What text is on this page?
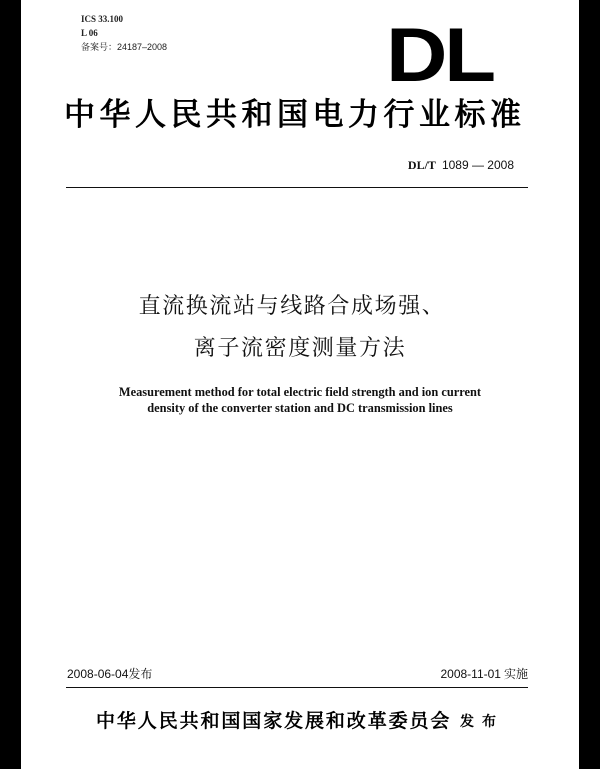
ICS 33.100
L 06
备案号：24187–2008	DL
中华人民共和国电力行业标准
DL/T 1089 — 2008
直流换流站与线路合成场强、
离子流密度测量方法
Measurement method for total electric field strength and ion current
density of the converter station and DC transmission lines
2008-06-04发布	2008-11-01 实施
中华人民共和国国家发展和改革委员会 发布
